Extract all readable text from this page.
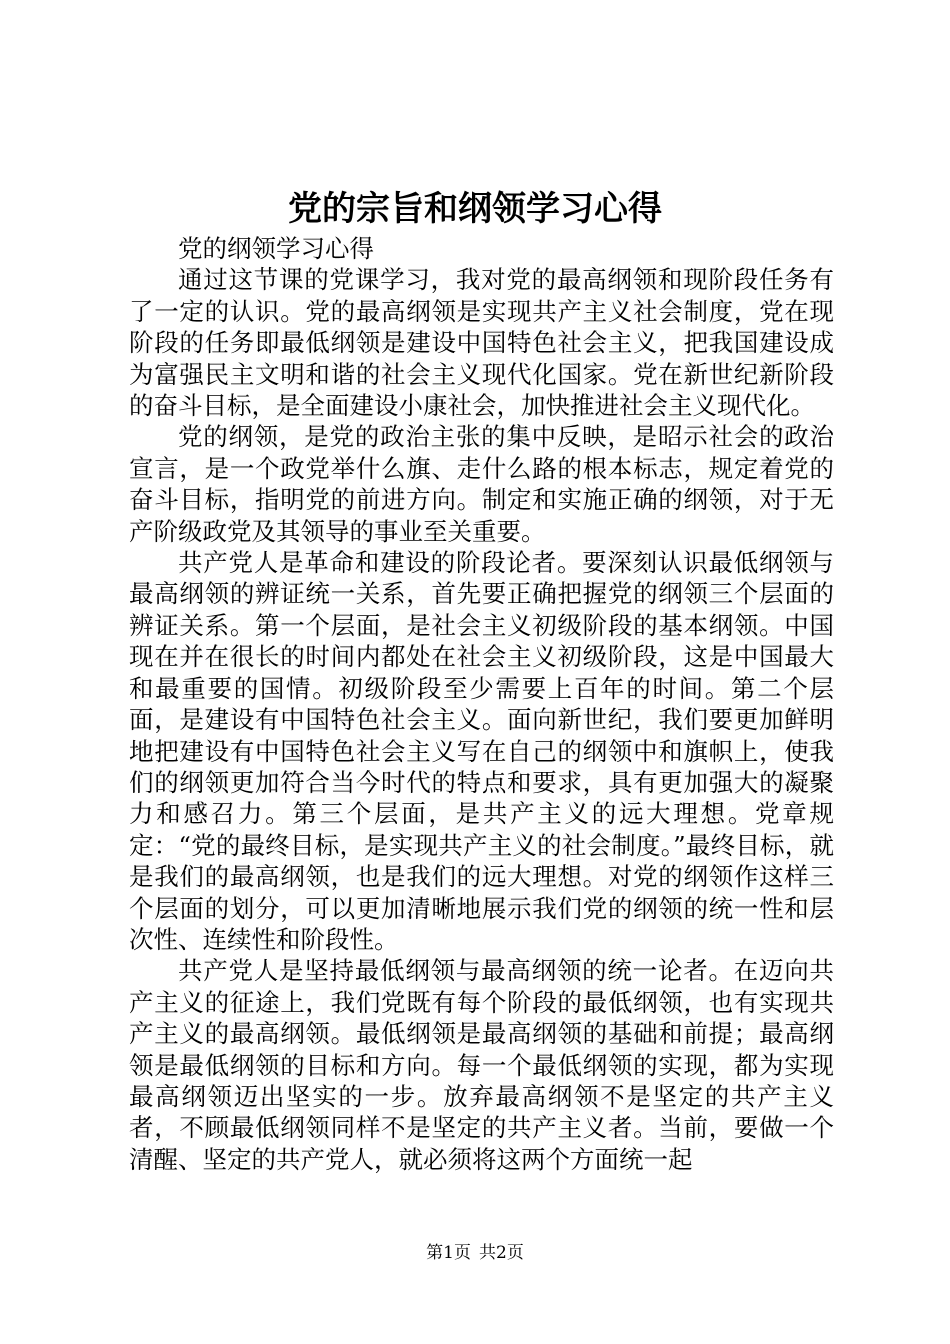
党的宗旨和纲领学习心得

党的纲领学习心得

通过这节课的党课学习，我对党的最高纲领和现阶段任务有了一定的认识。党的最高纲领是实现共产主义社会制度，党在现阶段的任务即最低纲领是建设中国特色社会主义，把我国建设成为富强民主文明和谐的社会主义现代化国家。党在新世纪新阶段的奋斗目标，是全面建设小康社会，加快推进社会主义现代化。

党的纲领，是党的政治主张的集中反映，是昭示社会的政治宣言，是一个政党举什么旗、走什么路的根本标志，规定着党的奋斗目标，指明党的前进方向。制定和实施正确的纲领，对于无产阶级政党及其领导的事业至关重要。

共产党人是革命和建设的阶段论者。要深刻认识最低纲领与最高纲领的辨证统一关系，首先要正确把握党的纲领三个层面的辨证关系。第一个层面，是社会主义初级阶段的基本纲领。中国现在并在很长的时间内都处在社会主义初级阶段，这是中国最大和最重要的国情。初级阶段至少需要上百年的时间。第二个层面，是建设有中国特色社会主义。面向新世纪，我们要更加鲜明地把建设有中国特色社会主义写在自己的纲领中和旗帜上，使我们的纲领更加符合当今时代的特点和要求，具有更加强大的凝聚力和感召力。第三个层面，是共产主义的远大理想。党章规定：“党的最终目标，是实现共产主义的社会制度。”最终目标，就是我们的最高纲领，也是我们的远大理想。对党的纲领作这样三个层面的划分，可以更加清晰地展示我们党的纲领的统一性和层次性、连续性和阶段性。

共产党人是坚持最低纲领与最高纲领的统一论者。在迈向共产主义的征途上，我们党既有每个阶段的最低纲领，也有实现共产主义的最高纲领。最低纲领是最高纲领的基础和前提；最高纲领是最低纲领的目标和方向。每一个最低纲领的实现，都为实现最高纲领迈出坚实的一步。放弃最高纲领不是坚定的共产主义者，不顾最低纲领同样不是坚定的共产主义者。当前，要做一个清醒、坚定的共产党人，就必须将这两个方面统一起

第1页 共2页
